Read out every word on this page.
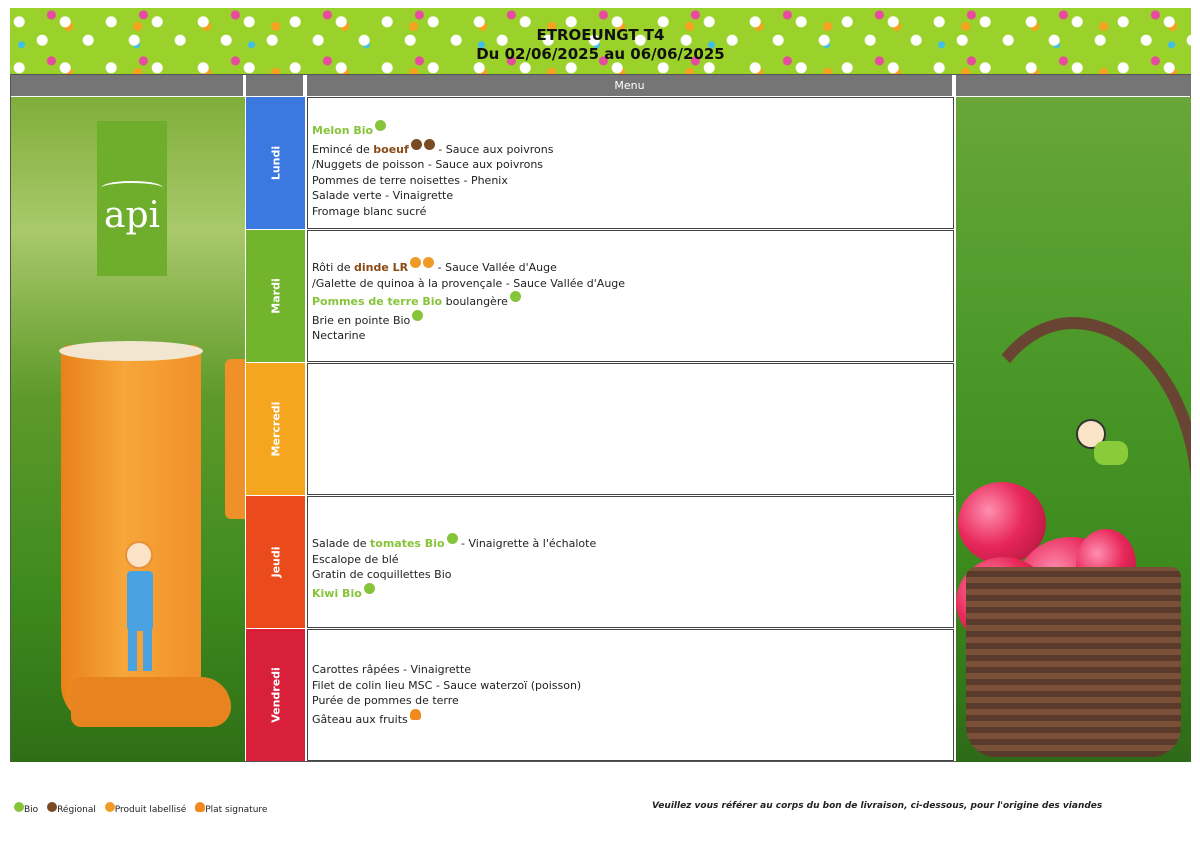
ETROEUNGT T4
Du 02/06/2025 au 06/06/2025
Menu
api
Lundi
Melon Bio
Emincé de boeuf - Sauce aux poivrons
/Nuggets de poisson - Sauce aux poivrons
Pommes de terre noisettes - Phenix
Salade verte - Vinaigrette
Fromage blanc sucré
Mardi
Rôti de dinde LR - Sauce Vallée d'Auge
/Galette de quinoa à la provençale - Sauce Vallée d'Auge
Pommes de terre Bio boulangère
Brie en pointe Bio
Nectarine
Mercredi
Jeudi
Salade de tomates Bio - Vinaigrette à l'échalote
Escalope de blé
Gratin de coquillettes Bio
Kiwi Bio
Vendredi	Carottes râpées - Vinaigrette
Filet de colin lieu MSC - Sauce waterzoï (poisson)
Purée de pommes de terre
Gâteau aux fruits
Bio Régional Produit labellisé Plat signature	Veuillez vous référer au corps du bon de livraison, ci-dessous, pour l'origine des viandes
